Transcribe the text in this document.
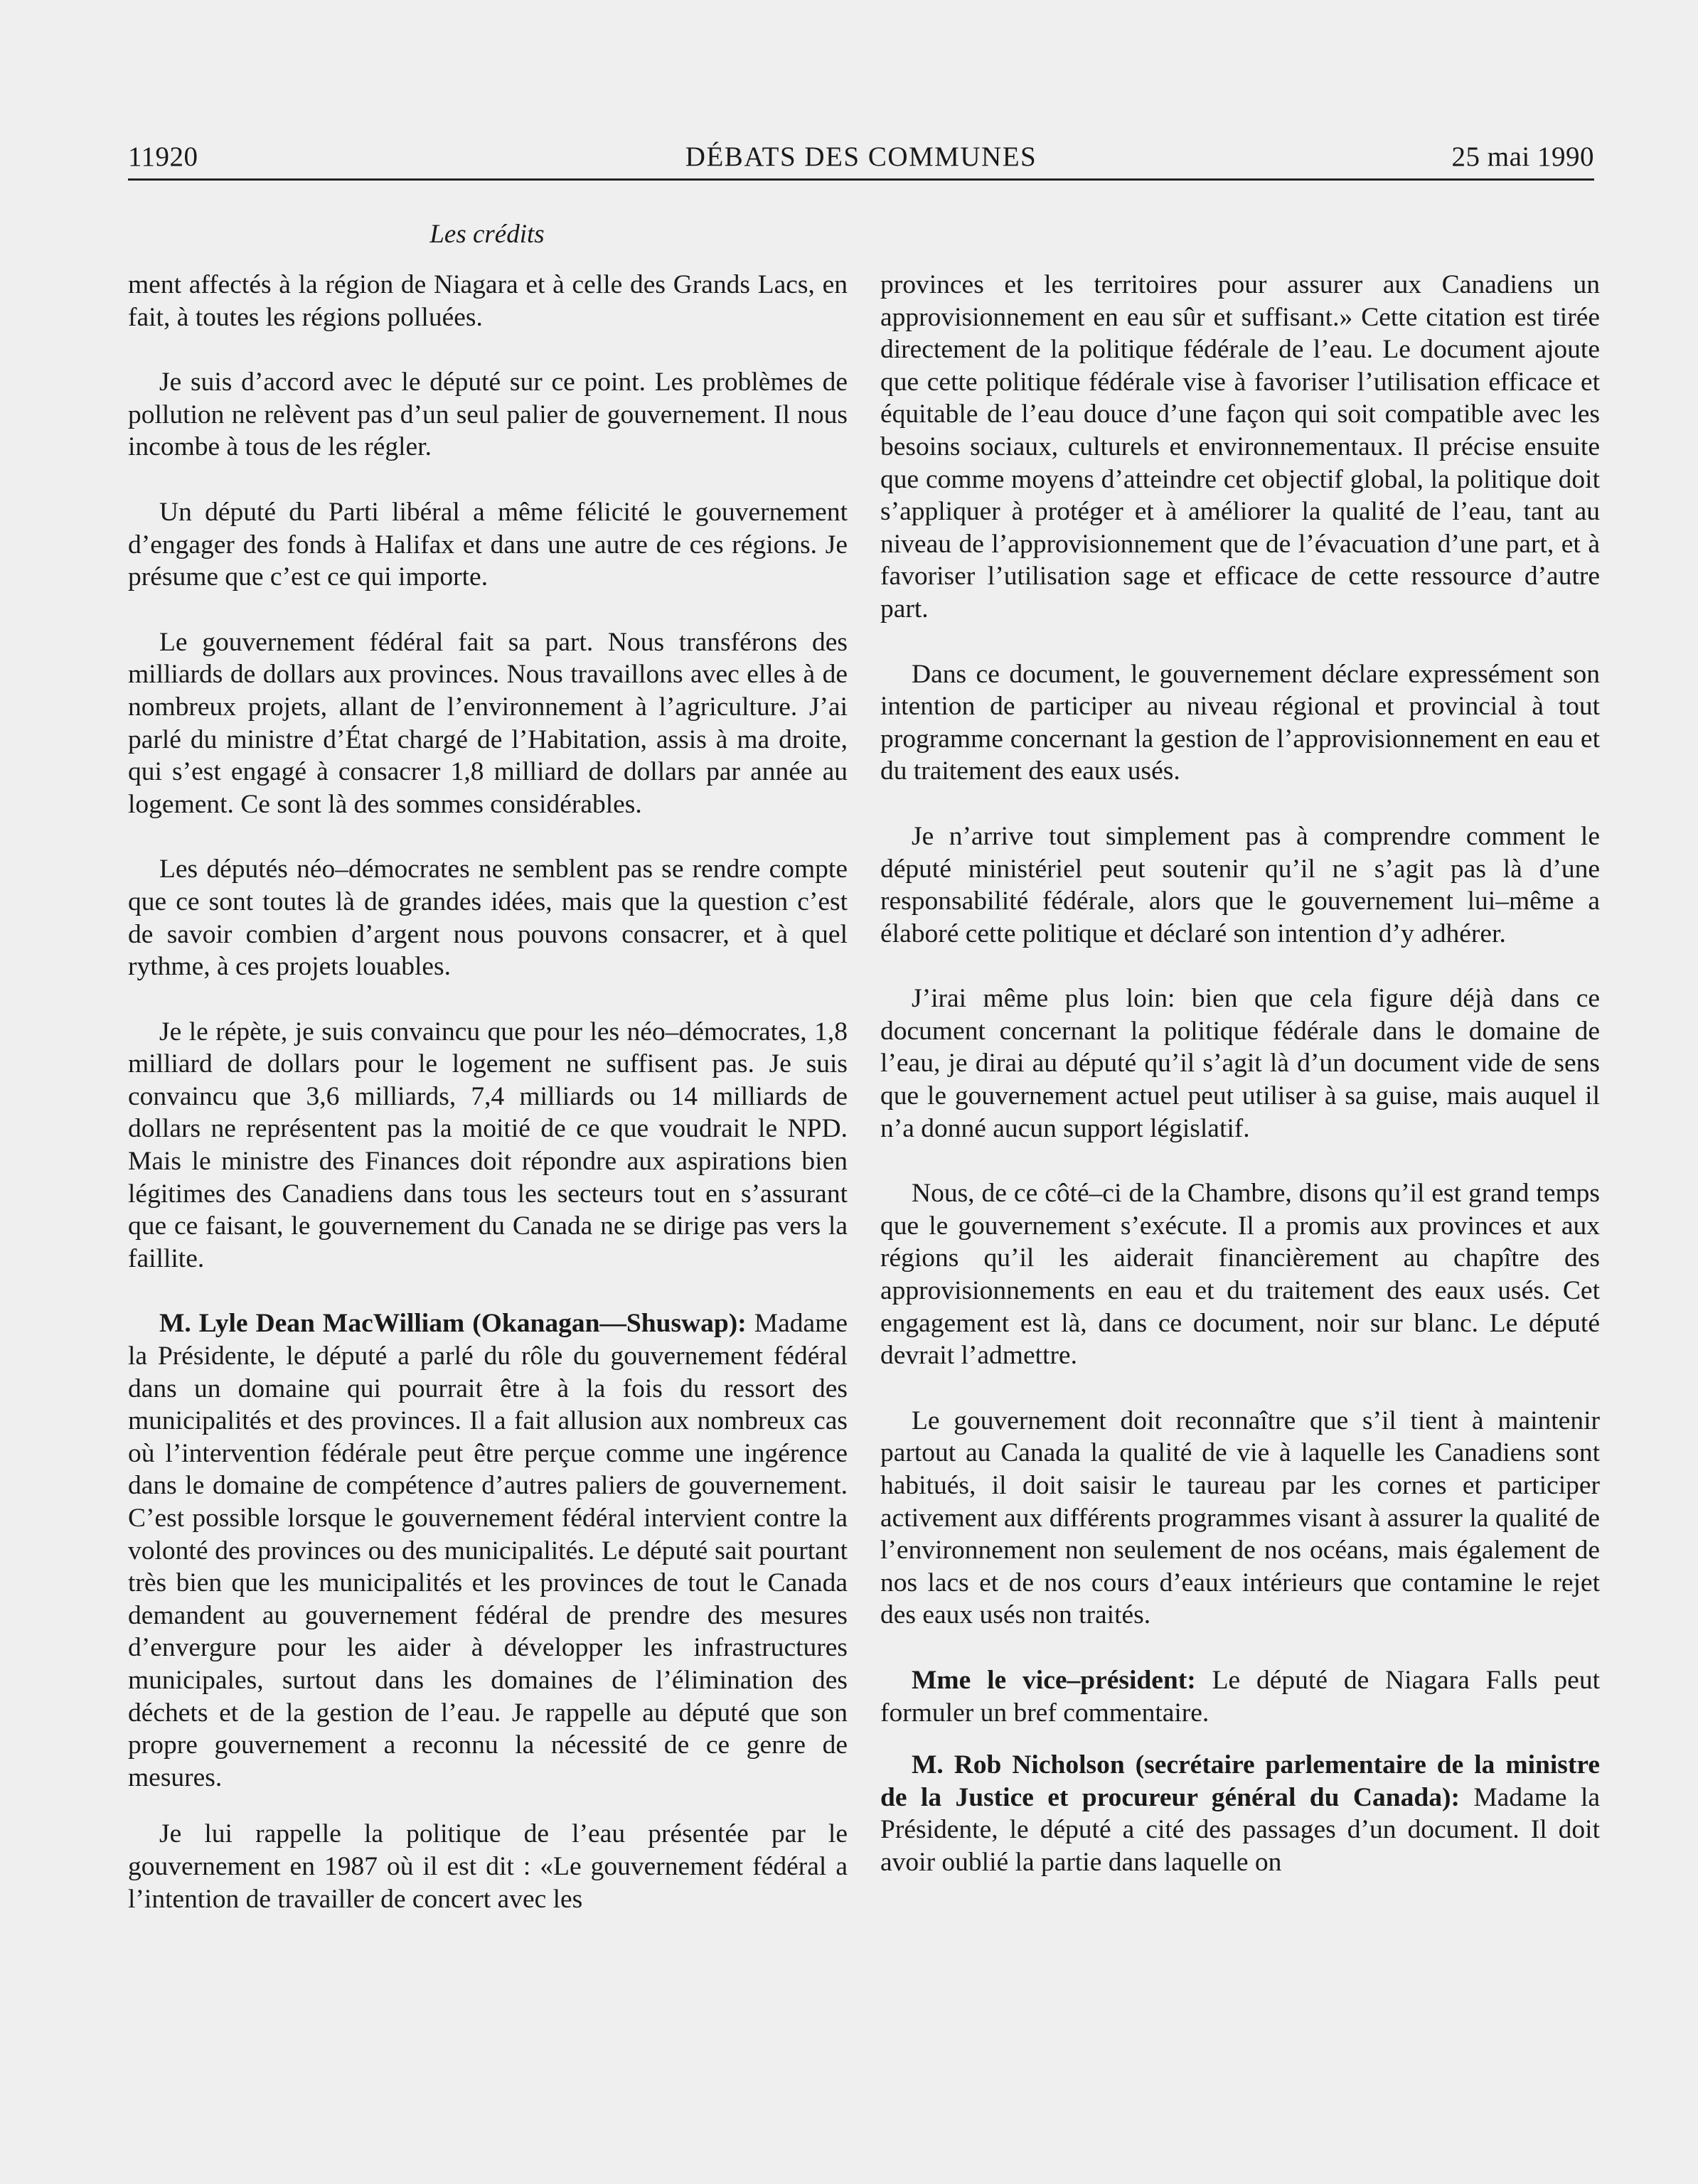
11920	DÉBATS DES COMMUNES	25 mai 1990
Les crédits

ment affectés à la région de Niagara et à celle des Grands Lacs, en fait, à toutes les régions polluées.

Je suis d’accord avec le député sur ce point. Les problèmes de pollution ne relèvent pas d’un seul palier de gouvernement. Il nous incombe à tous de les régler.

Un député du Parti libéral a même félicité le gouvernement d’engager des fonds à Halifax et dans une autre de ces régions. Je présume que c’est ce qui importe.

Le gouvernement fédéral fait sa part. Nous transférons des milliards de dollars aux provinces. Nous travaillons avec elles à de nombreux projets, allant de l’environnement à l’agriculture. J’ai parlé du ministre d’État chargé de l’Habitation, assis à ma droite, qui s’est engagé à consacrer 1,8 milliard de dollars par année au logement. Ce sont là des sommes considérables.

Les députés néo–démocrates ne semblent pas se rendre compte que ce sont toutes là de grandes idées, mais que la question c’est de savoir combien d’argent nous pouvons consacrer, et à quel rythme, à ces projets louables.

Je le répète, je suis convaincu que pour les néo–démocrates, 1,8 milliard de dollars pour le logement ne suffisent pas. Je suis convaincu que 3,6 milliards, 7,4 milliards ou 14 milliards de dollars ne représentent pas la moitié de ce que voudrait le NPD. Mais le ministre des Finances doit répondre aux aspirations bien légitimes des Canadiens dans tous les secteurs tout en s’assurant que ce faisant, le gouvernement du Canada ne se dirige pas vers la faillite.

M. Lyle Dean MacWilliam (Okanagan—Shuswap): Madame la Présidente, le député a parlé du rôle du gouvernement fédéral dans un domaine qui pourrait être à la fois du ressort des municipalités et des provinces. Il a fait allusion aux nombreux cas où l’intervention fédérale peut être perçue comme une ingérence dans le domaine de compétence d’autres paliers de gouvernement. C’est possible lorsque le gouvernement fédéral intervient contre la volonté des provinces ou des municipalités. Le député sait pourtant très bien que les municipalités et les provinces de tout le Canada demandent au gouvernement fédéral de prendre des mesures d’envergure pour les aider à développer les infrastructures municipales, surtout dans les domaines de l’élimination des déchets et de la gestion de l’eau. Je rappelle au député que son propre gouvernement a reconnu la nécessité de ce genre de mesures.

Je lui rappelle la politique de l’eau présentée par le gouvernement en 1987 où il est dit : «Le gouvernement fédéral a l’intention de travailler de concert avec les

provinces et les territoires pour assurer aux Canadiens un approvisionnement en eau sûr et suffisant.» Cette citation est tirée directement de la politique fédérale de l’eau. Le document ajoute que cette politique fédérale vise à favoriser l’utilisation efficace et équitable de l’eau douce d’une façon qui soit compatible avec les besoins sociaux, culturels et environnementaux. Il précise ensuite que comme moyens d’atteindre cet objectif global, la politique doit s’appliquer à protéger et à améliorer la qualité de l’eau, tant au niveau de l’approvisionnement que de l’évacuation d’une part, et à favoriser l’utilisation sage et efficace de cette ressource d’autre part.

Dans ce document, le gouvernement déclare expressément son intention de participer au niveau régional et provincial à tout programme concernant la gestion de l’approvisionnement en eau et du traitement des eaux usés.

Je n’arrive tout simplement pas à comprendre comment le député ministériel peut soutenir qu’il ne s’agit pas là d’une responsabilité fédérale, alors que le gouvernement lui–même a élaboré cette politique et déclaré son intention d’y adhérer.

J’irai même plus loin: bien que cela figure déjà dans ce document concernant la politique fédérale dans le domaine de l’eau, je dirai au député qu’il s’agit là d’un document vide de sens que le gouvernement actuel peut utiliser à sa guise, mais auquel il n’a donné aucun support législatif.

Nous, de ce côté–ci de la Chambre, disons qu’il est grand temps que le gouvernement s’exécute. Il a promis aux provinces et aux régions qu’il les aiderait financièrement au chapître des approvisionnements en eau et du traitement des eaux usés. Cet engagement est là, dans ce document, noir sur blanc. Le député devrait l’admettre.

Le gouvernement doit reconnaître que s’il tient à maintenir partout au Canada la qualité de vie à laquelle les Canadiens sont habitués, il doit saisir le taureau par les cornes et participer activement aux différents programmes visant à assurer la qualité de l’environnement non seulement de nos océans, mais également de nos lacs et de nos cours d’eaux intérieurs que contamine le rejet des eaux usés non traités.

Mme le vice–président: Le député de Niagara Falls peut formuler un bref commentaire.

M. Rob Nicholson (secrétaire parlementaire de la ministre de la Justice et procureur général du Canada): Madame la Présidente, le député a cité des passages d’un document. Il doit avoir oublié la partie dans laquelle on
